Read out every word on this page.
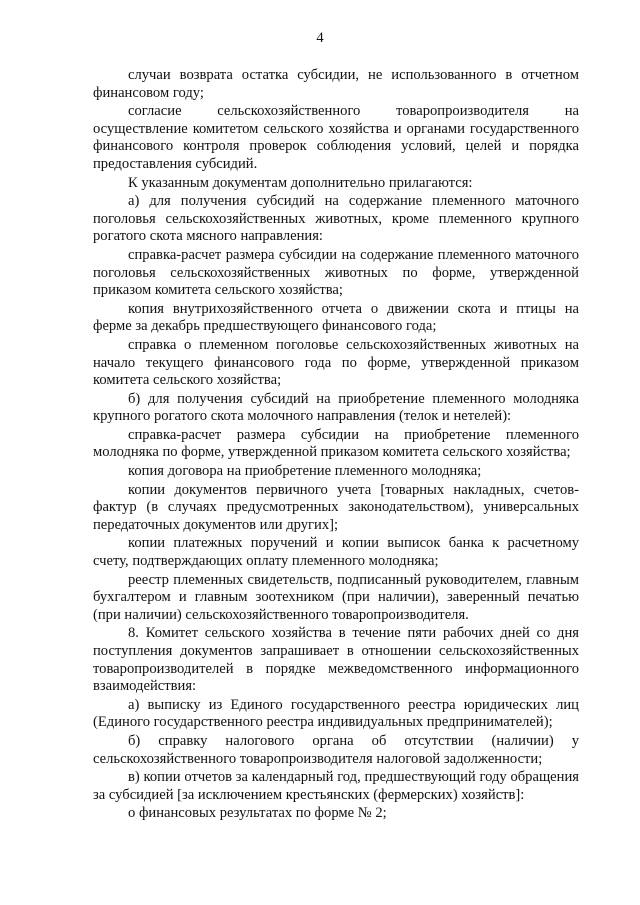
4

случаи возврата остатка субсидии, не использованного в отчетном финансовом году;

согласие сельскохозяйственного товаропроизводителя на осуществление комитетом сельского хозяйства и органами государственного финансового контроля проверок соблюдения условий, целей и порядка предоставления субсидий.

К указанным документам дополнительно прилагаются:

а) для получения субсидий на содержание племенного маточного поголовья сельскохозяйственных животных, кроме племенного крупного рогатого скота мясного направления:

справка-расчет размера субсидии на содержание племенного маточного поголовья сельскохозяйственных животных по форме, утвержденной приказом комитета сельского хозяйства;

копия внутрихозяйственного отчета о движении скота и птицы на ферме за декабрь предшествующего финансового года;

справка о племенном поголовье сельскохозяйственных животных на начало текущего финансового года по форме, утвержденной приказом комитета сельского хозяйства;

б) для получения субсидий на приобретение племенного молодняка крупного рогатого скота молочного направления (телок и нетелей):

справка-расчет размера субсидии на приобретение племенного молодняка по форме, утвержденной приказом комитета сельского хозяйства;

копия договора на приобретение племенного молодняка;

копии документов первичного учета [товарных накладных, счетов-фактур (в случаях предусмотренных законодательством), универсальных передаточных документов или других];

копии платежных поручений и копии выписок банка к расчетному счету, подтверждающих оплату племенного молодняка;

реестр племенных свидетельств, подписанный руководителем, главным бухгалтером и главным зоотехником (при наличии), заверенный печатью (при наличии) сельскохозяйственного товаропроизводителя.

8. Комитет сельского хозяйства в течение пяти рабочих дней со дня поступления документов запрашивает в отношении сельскохозяйственных товаропроизводителей в порядке межведомственного информационного взаимодействия:

а) выписку из Единого государственного реестра юридических лиц (Единого государственного реестра индивидуальных предпринимателей);

б) справку налогового органа об отсутствии (наличии) у сельскохозяйственного товаропроизводителя налоговой задолженности;

в) копии отчетов за календарный год, предшествующий году обращения за субсидией [за исключением крестьянских (фермерских) хозяйств]:

о финансовых результатах по форме № 2;
